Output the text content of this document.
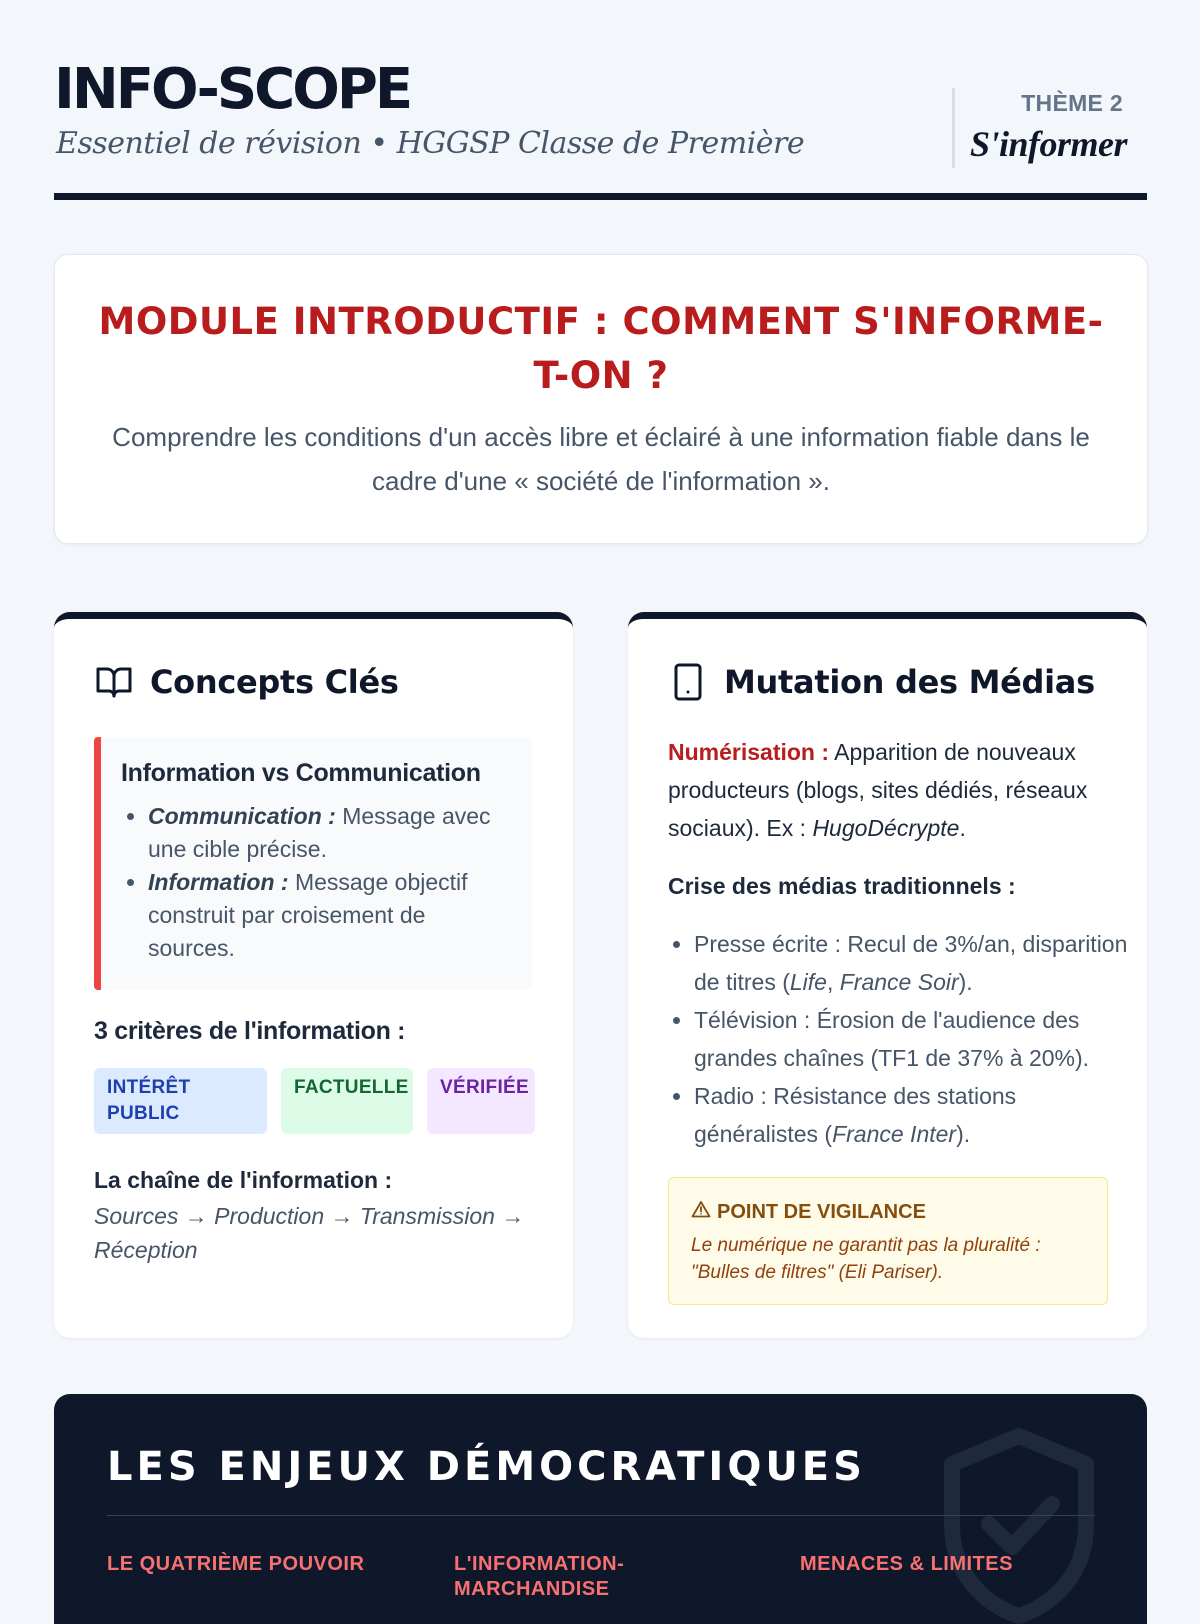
INFO-SCOPE
Essentiel de révision • HGGSP Classe de Première
THÈME 2
S'informer
MODULE INTRODUCTIF : COMMENT S'INFORME-T-ON ?

Comprendre les conditions d'un accès libre et éclairé à une information fiable dans le cadre d'une « société de l'information ».

Concepts Clés

Information vs Communication

• Communication : Message avec une cible précise.
• Information : Message objectif construit par croisement de sources.
3 critères de l'information :
INTÉRÊT PUBLIC
FACTUELLE	VÉRIFIÉE
La chaîne de l'information :
Sources → Production → Transmission → Réception
Mutation des Médias

Numérisation : Apparition de nouveaux producteurs (blogs, sites dédiés, réseaux sociaux). Ex : HugoDécrypte.

Crise des médias traditionnels :
• Presse écrite : Recul de 3%/an, disparition de titres (Life, France Soir).
• Télévision : Érosion de l'audience des grandes chaînes (TF1 de 37% à 20%).
• Radio : Résistance des stations généralistes (France Inter).
POINT DE VIGILANCE
Le numérique ne garantit pas la pluralité : "Bulles de filtres" (Eli Pariser).
LES ENJEUX DÉMOCRATIQUES
LE QUATRIÈME POUVOIR	L'INFORMATION-MARCHANDISE
MENACES & LIMITES
